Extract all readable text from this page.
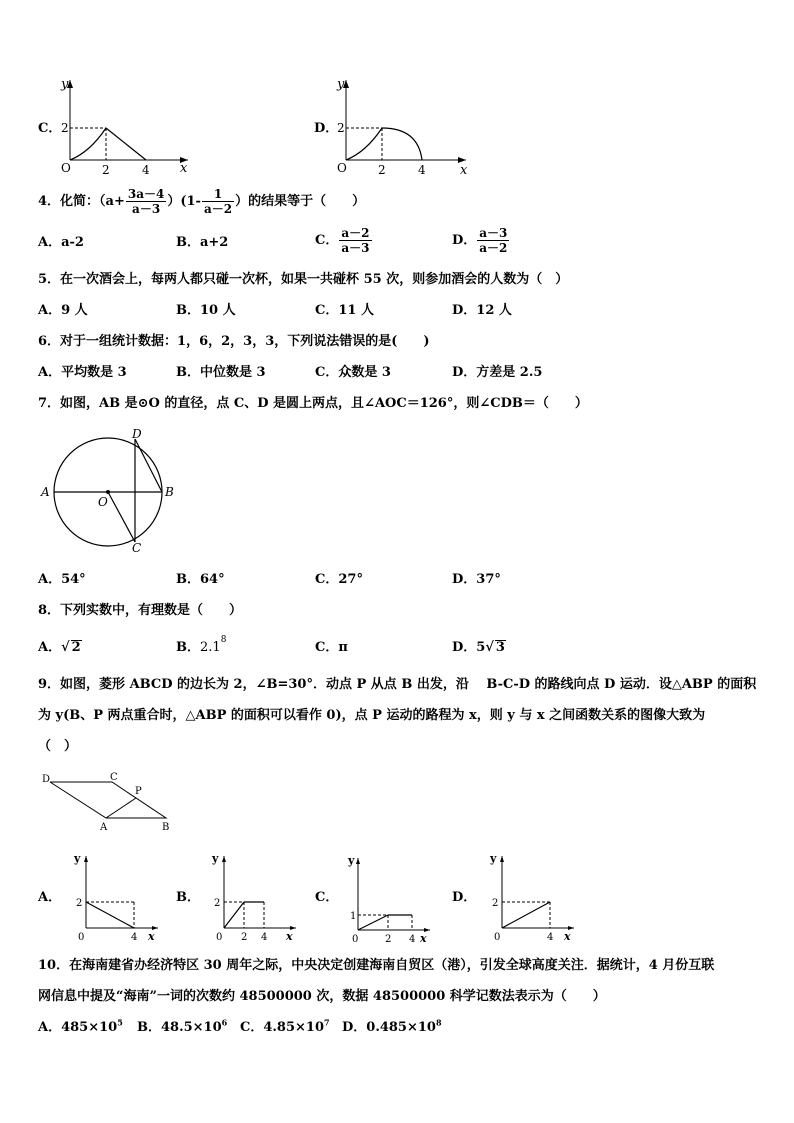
C．
y
x
O
2
2	4
D．
y
x
O
2
2	4
4．化简：$(a+ \frac{3a-4}{a-3} )(1- \frac{1}{a-2}$ ）的结果等于（　　）
A．a-2	B．a+2	C． $\frac{a-2}{a-3}$	D． $\frac{a-3}{a-2}$
5．在一次酒会上，每两人都只碰一次杯，如果一共碰杯 55 次，则参加酒会的人数为（　）
A．9 人	B．10 人	C．11 人	D．12 人
6．对于一组统计数据：1，6，2，3，3，下列说法错误的是(　　)
A．平均数是 3	B．中位数是 3	C．众数是 3	D．方差是 2.5
7．如图，AB 是⊙O 的直径，点 C、D 是圆上两点，且∠AOC＝126°，则∠CDB＝（　　）
A	B
C
D
O
A．54°	B．64°	C．27°	D．37°
8．下列实数中，有理数是（　　）
A．√ 2	B．$2.1^8$
C．π	D．5√ 3
9．如图，菱形 ABCD 的边长为 2，∠B=30°．动点 P 从点 B 出发，沿　 B-C-D 的路线向点 D 运动．设△ABP 的面积
为 y(B、P 两点重合时，△ABP 的面积可以看作 0)，点 P 运动的路程为 x，则 y 与 x 之间函数关系的图像大致为
（　）
D	C
P
A	B
A．
y
x
2
0	4
B．
y
x
2
0 2 4
C．
y
x
1
0	2 4
D．
y
x
2
0	4
10．在海南建省办经济特区 30 周年之际，中央决定创建海南自贸区（港），引发全球高度关注．据统计，4 月份互联
网信息中提及“海南”一词的次数约 48500000 次，数据 48500000 科学记数法表示为（　　）
A．$485\times 10^5$ B．$48.5\times 10^6$ C．$4.85\times 10^7$ D．$0.485\times 10^8$
